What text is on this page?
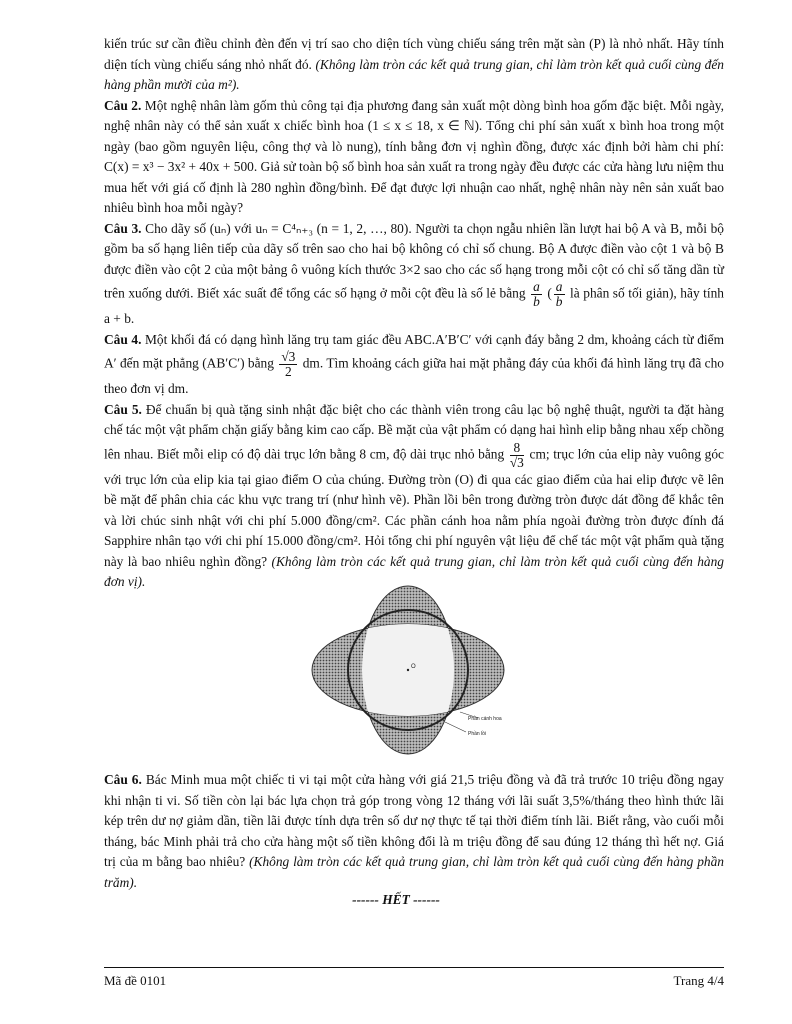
kiến trúc sư cần điều chỉnh đèn đến vị trí sao cho diện tích vùng chiếu sáng trên mặt sàn (P) là nhỏ nhất. Hãy tính diện tích vùng chiếu sáng nhỏ nhất đó. (Không làm tròn các kết quả trung gian, chỉ làm tròn kết quả cuối cùng đến hàng phần mười của m²).

Câu 2. Một nghệ nhân làm gốm thủ công tại địa phương đang sản xuất một dòng bình hoa gốm đặc biệt. Mỗi ngày, nghệ nhân này có thể sản xuất x chiếc bình hoa (1 ≤ x ≤ 18, x ∈ ℕ). Tổng chi phí sản xuất x bình hoa trong một ngày (bao gồm nguyên liệu, công thợ và lò nung), tính bằng đơn vị nghìn đồng, được xác định bởi hàm chi phí: C(x) = x³ − 3x² + 40x + 500. Giả sử toàn bộ số bình hoa sản xuất ra trong ngày đều được các cửa hàng lưu niệm thu mua hết với giá cố định là 280 nghìn đồng/bình. Để đạt được lợi nhuận cao nhất, nghệ nhân này nên sản xuất bao nhiêu bình hoa mỗi ngày?

Câu 3. Cho dãy số (uₙ) với uₙ = C⁴ₙ₊₃ (n = 1, 2, …, 80). Người ta chọn ngẫu nhiên lần lượt hai bộ A và B, mỗi bộ gồm ba số hạng liên tiếp của dãy số trên sao cho hai bộ không có chỉ số chung. Bộ A được điền vào cột 1 và bộ B được điền vào cột 2 của một bảng ô vuông kích thước 3×2 sao cho các số hạng trong mỗi cột có chỉ số tăng dần từ trên xuống dưới. Biết xác suất để tổng các số hạng ở mỗi cột đều là số lẻ bằng $\frac{a}{b}$ ( $\frac{a}{b}$ là phân số tối giản), hãy tính a + b.

Câu 4. Một khối đá có dạng hình lăng trụ tam giác đều ABC.A′B′C′ với cạnh đáy bằng 2 dm, khoảng cách từ điểm A′ đến mặt phẳng (AB′C′) bằng $\frac{√3}{2}$ dm. Tìm khoảng cách giữa hai mặt phẳng đáy của khối đá hình lăng trụ đã cho theo đơn vị dm.

Câu 5. Để chuẩn bị quà tặng sinh nhật đặc biệt cho các thành viên trong câu lạc bộ nghệ thuật, người ta đặt hàng chế tác một vật phẩm chặn giấy bằng kim cao cấp. Bề mặt của vật phẩm có dạng hai hình elip bằng nhau xếp chồng lên nhau. Biết mỗi elip có độ dài trục lớn bằng 8 cm, độ dài trục nhỏ bằng $\frac{8}{√3}$ cm; trục lớn của elip này vuông góc với trục lớn của elip kia tại giao điểm O của chúng. Đường tròn (O) đi qua các giao điểm của hai elip được vẽ lên bề mặt để phân chia các khu vực trang trí (như hình vẽ). Phần lồi bên trong đường tròn được dát đồng để khắc tên và lời chúc sinh nhật với chi phí 5.000 đồng/cm². Các phần cánh hoa nằm phía ngoài đường tròn được đính đá Sapphire nhân tạo với chi phí 15.000 đồng/cm². Hỏi tổng chi phí nguyên vật liệu để chế tác một vật phẩm quà tặng này là bao nhiêu nghìn đồng? (Không làm tròn các kết quả trung gian, chỉ làm tròn kết quả cuối cùng đến hàng đơn vị).

O
Phần cánh hoa
Phần lồi

Câu 6. Bác Minh mua một chiếc ti vi tại một cửa hàng với giá 21,5 triệu đồng và đã trả trước 10 triệu đồng ngay khi nhận ti vi. Số tiền còn lại bác lựa chọn trả góp trong vòng 12 tháng với lãi suất 3,5%/tháng theo hình thức lãi kép trên dư nợ giảm dần, tiền lãi được tính dựa trên số dư nợ thực tế tại thời điểm tính lãi. Biết rằng, vào cuối mỗi tháng, bác Minh phải trả cho cửa hàng một số tiền không đổi là m triệu đồng để sau đúng 12 tháng thì hết nợ. Giá trị của m bằng bao nhiêu? (Không làm tròn các kết quả trung gian, chỉ làm tròn kết quả cuối cùng đến hàng phần trăm).

------ HẾT ------
Mã đề 0101	Trang 4/4
